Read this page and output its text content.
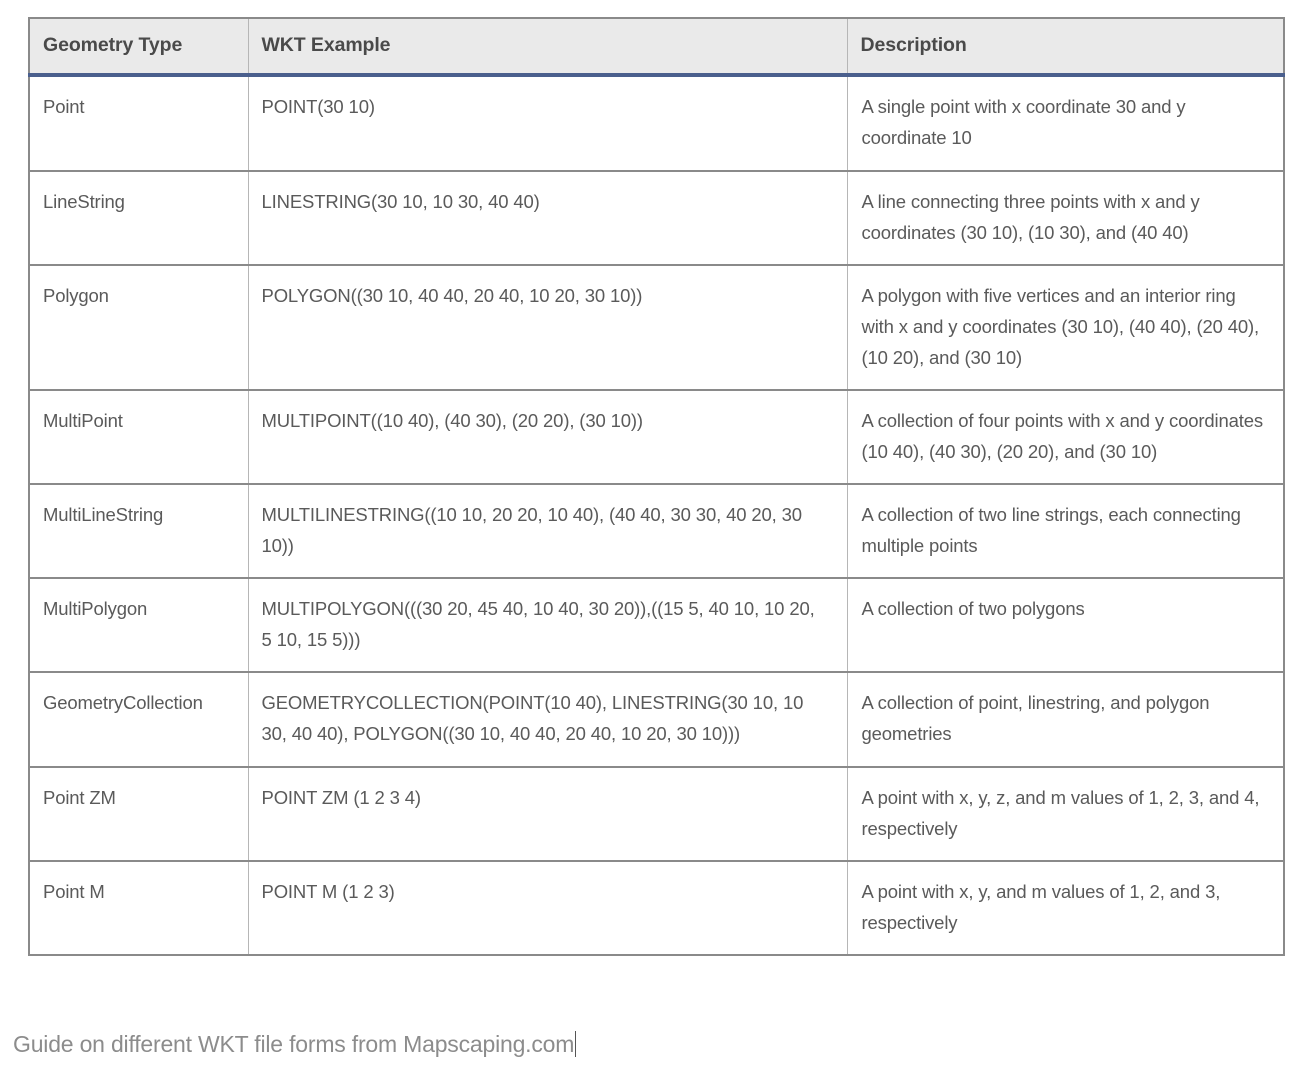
Geometry Type	WKT Example	Description
Point	POINT(30 10)	A single point with x coordinate 30 and y coordinate 10
LineString	LINESTRING(30 10, 10 30, 40 40)	A line connecting three points with x and y coordinates (30 10), (10 30), and (40 40)
Polygon	POLYGON((30 10, 40 40, 20 40, 10 20, 30 10))	A polygon with five vertices and an interior ring with x and y coordinates (30 10), (40 40), (20 40), (10 20), and (30 10)
MultiPoint	MULTIPOINT((10 40), (40 30), (20 20), (30 10))	A collection of four points with x and y coordinates (10 40), (40 30), (20 20), and (30 10)
MultiLineString	MULTILINESTRING((10 10, 20 20, 10 40), (40 40, 30 30, 40 20, 30 10))	A collection of two line strings, each connecting multiple points
MultiPolygon	MULTIPOLYGON(((30 20, 45 40, 10 40, 30 20)),((15 5, 40 10, 10 20, 5 10, 15 5)))	A collection of two polygons
GeometryCollection	GEOMETRYCOLLECTION(POINT(10 40), LINESTRING(30 10, 10 30, 40 40), POLYGON((30 10, 40 40, 20 40, 10 20, 30 10)))	A collection of point, linestring, and polygon geometries
Point ZM	POINT ZM (1 2 3 4)	A point with x, y, z, and m values of 1, 2, 3, and 4, respectively
Point M	POINT M (1 2 3)	A point with x, y, and m values of 1, 2, and 3, respectively
Guide on different WKT file forms from Mapscaping.com
